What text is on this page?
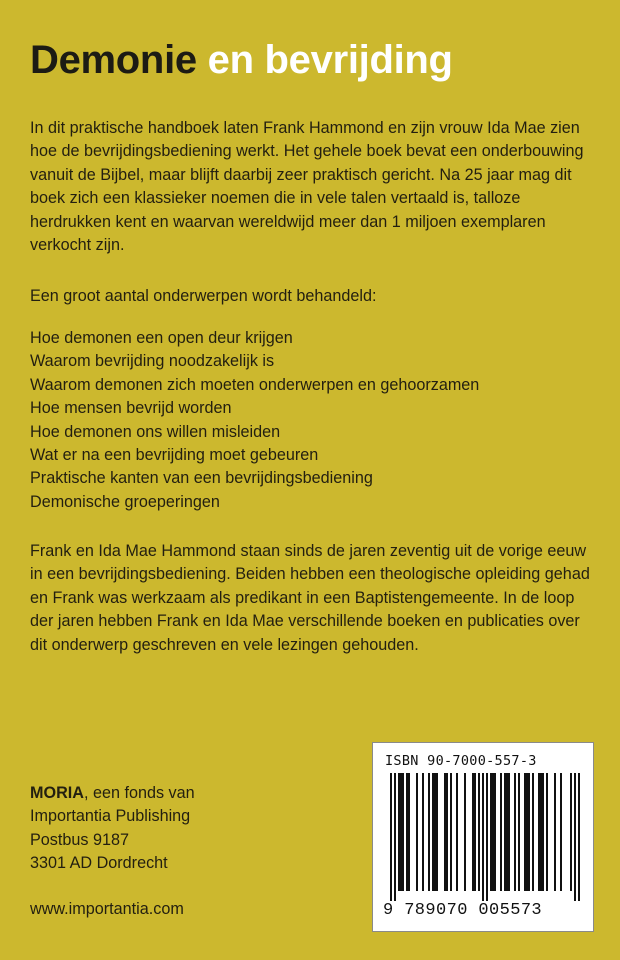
Demonie en bevrijding

In dit praktische handboek laten Frank Hammond en zijn vrouw Ida Mae zien hoe de bevrijdingsbediening werkt. Het gehele boek bevat een onderbouwing vanuit de Bijbel, maar blijft daarbij zeer praktisch gericht. Na 25 jaar mag dit boek zich een klassieker noemen die in vele talen vertaald is, talloze herdrukken kent en waarvan wereldwijd meer dan 1 miljoen exemplaren verkocht zijn.

Een groot aantal onderwerpen wordt behandeld:

Hoe demonen een open deur krijgen
Waarom bevrijding noodzakelijk is
Waarom demonen zich moeten onderwerpen en gehoorzamen
Hoe mensen bevrijd worden
Hoe demonen ons willen misleiden
Wat er na een bevrijding moet gebeuren
Praktische kanten van een bevrijdingsbediening
Demonische groeperingen

Frank en Ida Mae Hammond staan sinds de jaren zeventig uit de vorige eeuw in een bevrijdingsbediening. Beiden hebben een theologische opleiding gehad en Frank was werkzaam als predikant in een Baptistengemeente. In de loop der jaren hebben Frank en Ida Mae verschillende boeken en publicaties over dit onderwerp geschreven en vele lezingen gehouden.

MORIA, een fonds van
Importantia Publishing
Postbus 9187
3301 AD Dordrecht
www.importantia.com
ISBN 90-7000-557-3
9 789070 005573
